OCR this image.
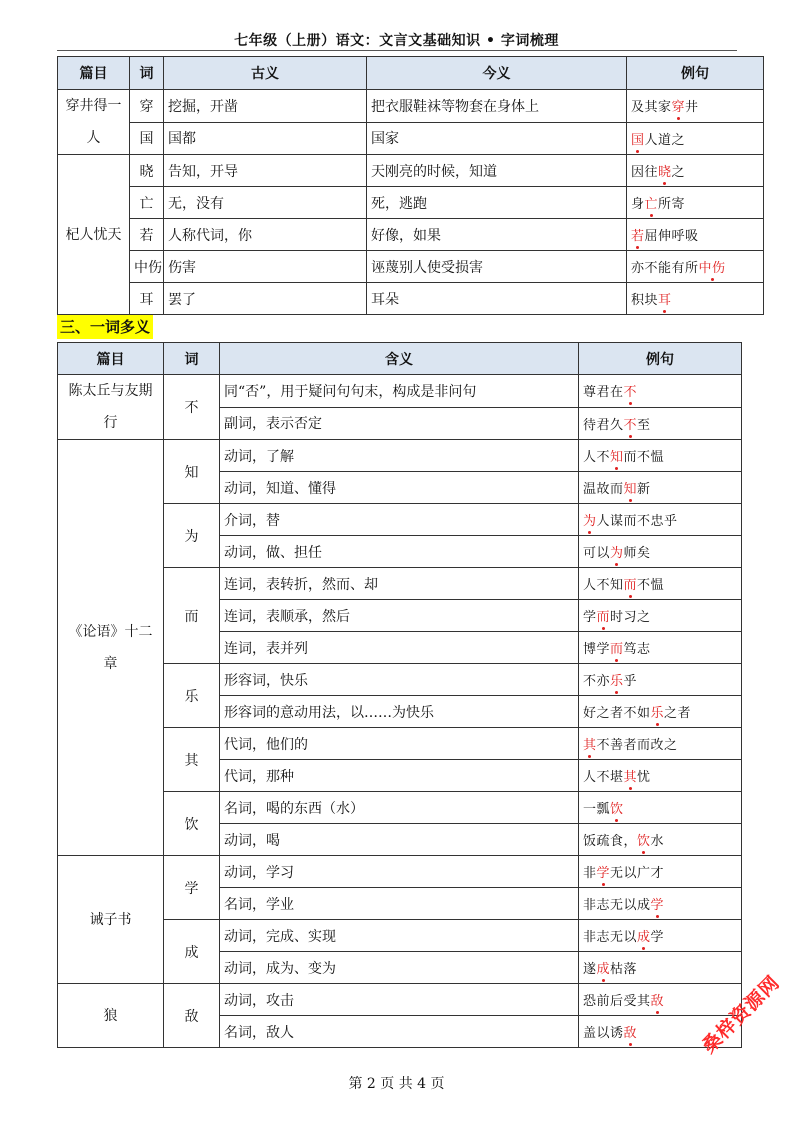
七年级（上册）语文：文言文基础知识 • 字词梳理
篇目	词	古义	今义	例句
穿井得一人	穿	挖掘，开凿	把衣服鞋袜等物套在身体上	及其家穿井
	国	国都	国家	国人道之
杞人忧天	晓	告知，开导	天刚亮的时候，知道	因往晓之
	亡	无，没有	死，逃跑	身亡所寄
	若	人称代词，你	好像，如果	若屈伸呼吸
	中伤	伤害	诬蔑别人使受损害	亦不能有所中伤
	耳	罢了	耳朵	积块耳
三、一词多义
篇目	词	含义	例句
陈太丘与友期行	不	同“否”，用于疑问句句末，构成是非问句	尊君在不
		副词，表示否定	待君久不至
《论语》十二章	知	动词，了解	人不知而不愠
		动词，知道、懂得	温故而知新
	为	介词，替	为人谋而不忠乎
		动词，做、担任	可以为师矣
	而	连词，表转折，然而、却	人不知而不愠
		连词，表顺承，然后	学而时习之
		连词，表并列	博学而笃志
	乐	形容词，快乐	不亦乐乎
		形容词的意动用法，以……为快乐	好之者不如乐之者
	其	代词，他们的	其不善者而改之
		代词，那种	人不堪其忧
	饮	名词，喝的东西（水）	一瓢饮
		动词，喝	饭疏食，饮水
诫子书	学	动词，学习	非学无以广才
		名词，学业	非志无以成学
	成	动词，完成、实现	非志无以成学
		动词，成为、变为	遂成枯落
狼	敌	动词，攻击	恐前后受其敌
		名词，敌人	盖以诱敌
第 2 页 共 4 页
桑梓资源网
